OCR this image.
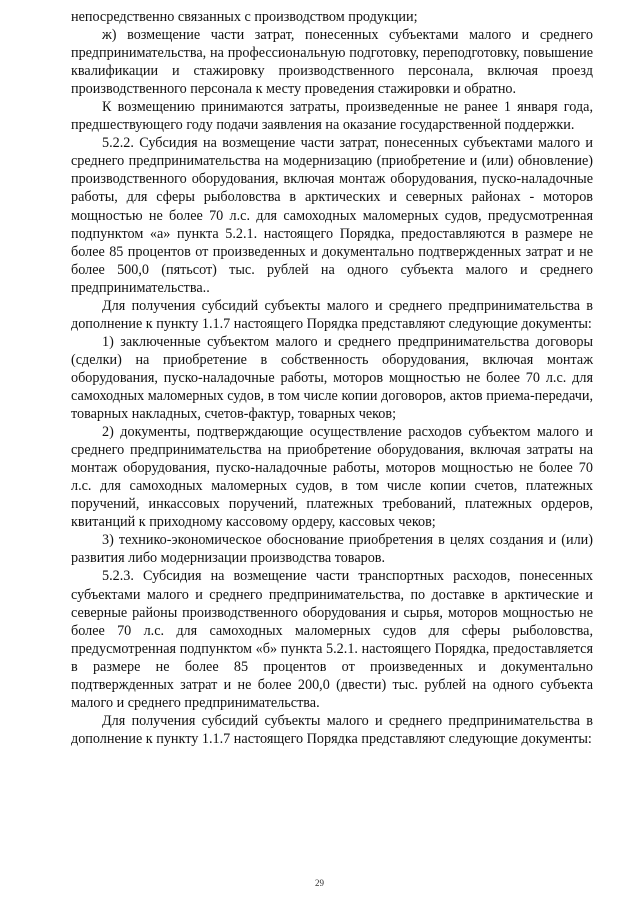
непосредственно связанных с производством продукции;

ж) возмещение части затрат, понесенных субъектами малого и среднего предпринимательства, на профессиональную подготовку, переподготовку, повышение квалификации и стажировку производственного персонала, включая проезд производственного персонала к месту проведения стажировки и обратно.

К возмещению принимаются затраты, произведенные не ранее 1 января года, предшествующего году подачи заявления на оказание государственной поддержки.

5.2.2. Субсидия на возмещение части затрат, понесенных субъектами малого и среднего предпринимательства на модернизацию (приобретение и (или) обновление) производственного оборудования, включая монтаж оборудования, пуско-наладочные работы, для сферы рыболовства в арктических и северных районах - моторов мощностью не более 70 л.с. для самоходных маломерных судов, предусмотренная подпунктом «а» пункта 5.2.1. настоящего Порядка, предоставляются в размере не более 85 процентов от произведенных и документально подтвержденных затрат и не более 500,0 (пятьсот) тыс. рублей на одного субъекта малого и среднего предпринимательства..

Для получения субсидий субъекты малого и среднего предпринимательства в дополнение к пункту 1.1.7 настоящего Порядка представляют следующие документы:

1) заключенные субъектом малого и среднего предпринимательства договоры (сделки) на приобретение в собственность оборудования, включая монтаж оборудования, пуско-наладочные работы, моторов мощностью не более 70 л.с. для самоходных маломерных судов, в том числе копии договоров, актов приема-передачи, товарных накладных, счетов-фактур, товарных чеков;

2) документы, подтверждающие осуществление расходов субъектом малого и среднего предпринимательства на приобретение оборудования, включая затраты на монтаж оборудования, пуско-наладочные работы, моторов мощностью не более 70 л.с. для самоходных маломерных судов, в том числе копии счетов, платежных поручений, инкассовых поручений, платежных требований, платежных ордеров, квитанций к приходному кассовому ордеру, кассовых чеков;

3) технико-экономическое обоснование приобретения в целях создания и (или) развития либо модернизации производства товаров.

5.2.3. Субсидия на возмещение части транспортных расходов, понесенных субъектами малого и среднего предпринимательства, по доставке в арктические и северные районы производственного оборудования и сырья, моторов мощностью не более 70 л.с. для самоходных маломерных судов для сферы рыболовства, предусмотренная подпунктом «б» пункта 5.2.1. настоящего Порядка, предоставляется в размере не более 85 процентов от произведенных и документально подтвержденных затрат и не более 200,0 (двести) тыс. рублей на одного субъекта малого и среднего предпринимательства.

Для получения субсидий субъекты малого и среднего предпринимательства в дополнение к пункту 1.1.7 настоящего Порядка представляют следующие документы:

29
